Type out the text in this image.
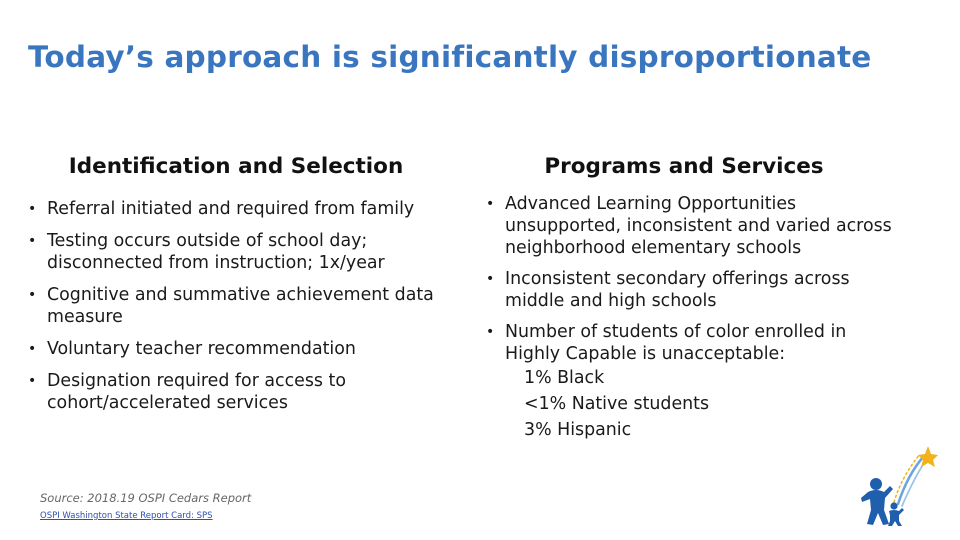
Today’s approach is significantly disproportionate
Identification and Selection	Programs and Services
• Referral initiated and required from family
• Testing occurs outside of school day; disconnected from instruction; 1x/year
• Cognitive and summative achievement data measure
• Voluntary teacher recommendation
• Designation required for access to cohort/accelerated services
• Advanced Learning Opportunities unsupported, inconsistent and varied across neighborhood elementary schools
• Inconsistent secondary offerings across middle and high schools
• Number of students of color enrolled in Highly Capable is unacceptable:
1% Black
<1% Native students
3% Hispanic
Source: 2018.19 OSPI Cedars Report
OSPI Washington State Report Card: SPS
